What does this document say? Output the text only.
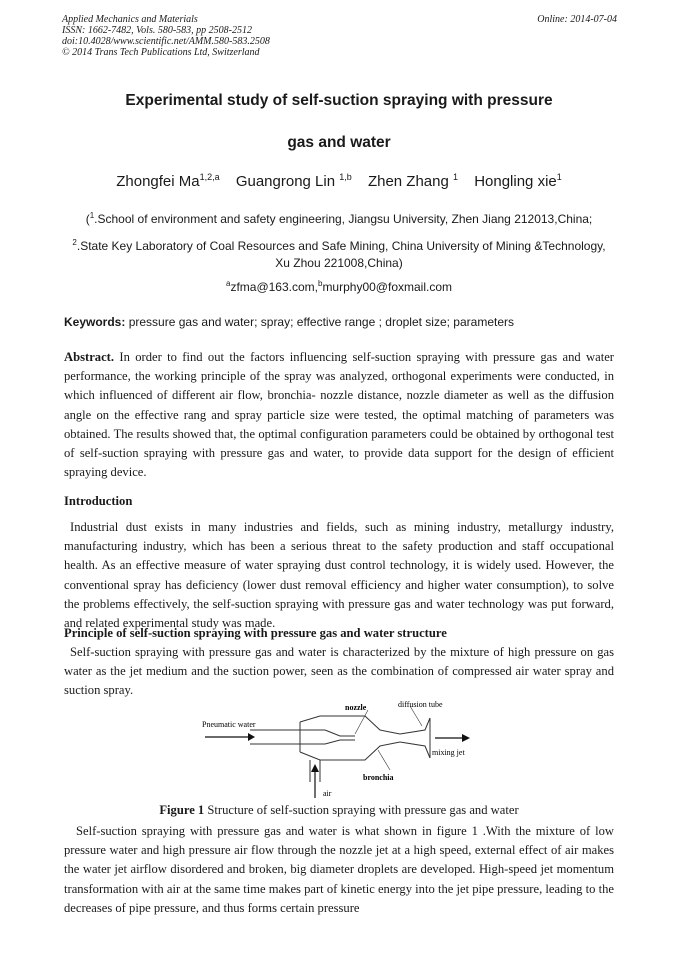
Applied Mechanics and Materials
ISSN: 1662-7482, Vols. 580-583, pp 2508-2512
doi:10.4028/www.scientific.net/AMM.580-583.2508
© 2014 Trans Tech Publications Ltd, Switzerland
Online: 2014-07-04
Experimental study of self-suction spraying with pressure
gas and water
Zhongfei Ma$^{1,2,a}$ Guangrong Lin $^{1,b}$ Zhen Zhang $^1$ Hongling xie$^1$
($^1$.School of environment and safety engineering, Jiangsu University, Zhen Jiang 212013,China;
$^2$.State Key Laboratory of Coal Resources and Safe Mining, China University of Mining &Technology,
Xu Zhou 221008,China)
$^a$zfma@163.com,$^b$murphy00@foxmail.com
Keywords: pressure gas and water; spray; effective range ; droplet size; parameters
Abstract. In order to find out the factors influencing self-suction spraying with pressure gas and water performance, the working principle of the spray was analyzed, orthogonal experiments were conducted, in which influenced of different air flow, bronchia- nozzle distance, nozzle diameter as well as the diffusion angle on the effective rang and spray particle size were tested, the optimal matching of parameters was obtained. The results showed that, the optimal configuration parameters could be obtained by orthogonal test of self-suction spraying with pressure gas and water, to provide data support for the design of efficient spraying device.
Introduction
Industrial dust exists in many industries and fields, such as mining industry, metallurgy industry, manufacturing industry, which has been a serious threat to the safety production and staff occupational health. As an effective measure of water spraying dust control technology, it is widely used. However, the conventional spray has deficiency (lower dust removal efficiency and higher water consumption), to solve the problems effectively, the self-suction spraying with pressure gas and water technology was put forward, and related experimental study was made.
Principle of self-suction spraying with pressure gas and water structure
Self-suction spraying with pressure gas and water is characterized by the mixture of high pressure on gas water as the jet medium and the suction power, seen as the combination of compressed air water spray and suction spray.
Pneumatic water
nozzle	diffusion tube
mixing jet
bronchia
air
Figure 1 Structure of self-suction spraying with pressure gas and water
Self-suction spraying with pressure gas and water is what shown in figure 1 .With the mixture of low pressure water and high pressure air flow through the nozzle jet at a high speed, external effect of air makes the water jet airflow disordered and broken, big diameter droplets are developed. High-speed jet momentum transformation with air at the same time makes part of kinetic energy into the jet pipe pressure, leading to the decreases of pipe pressure, and thus forms certain pressure
